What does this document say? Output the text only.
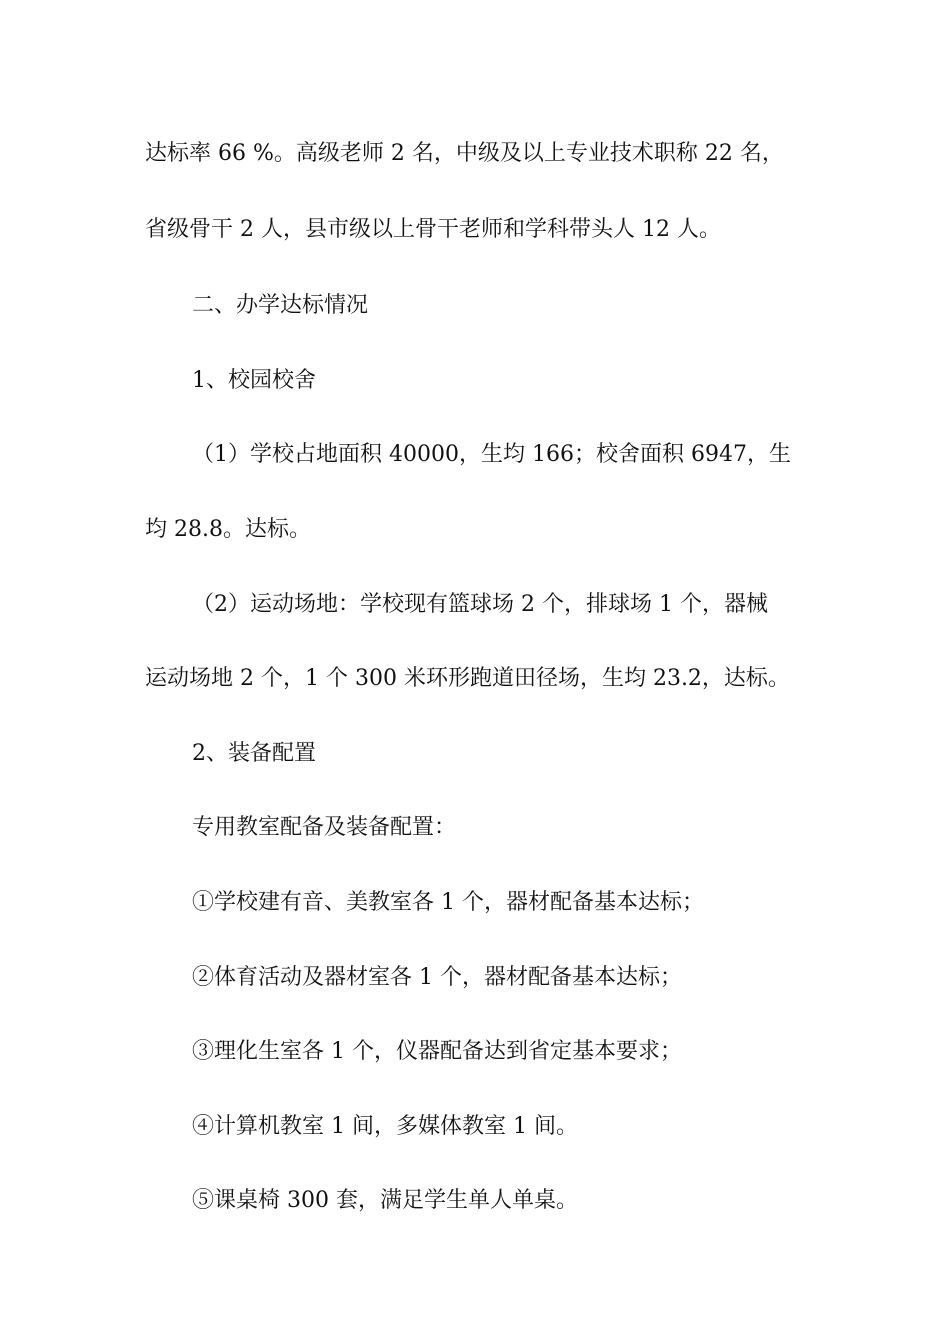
达标率 66 %。高级老师 2 名，中级及以上专业技术职称 22 名，

省级骨干 2 人，县市级以上骨干老师和学科带头人 12 人。

二、办学达标情况

1、校园校舍

（1）学校占地面积 40000，生均 166；校舍面积 6947，生

均 28.8。达标。

（2）运动场地：学校现有篮球场 2 个，排球场 1 个，器械

运动场地 2 个，1 个 300 米环形跑道田径场，生均 23.2，达标。

2、装备配置

专用教室配备及装备配置：

①学校建有音、美教室各 1 个，器材配备基本达标；

②体育活动及器材室各 1 个，器材配备基本达标；

③理化生室各 1 个，仪器配备达到省定基本要求；

④计算机教室 1 间，多媒体教室 1 间。

⑤课桌椅 300 套，满足学生单人单桌。
